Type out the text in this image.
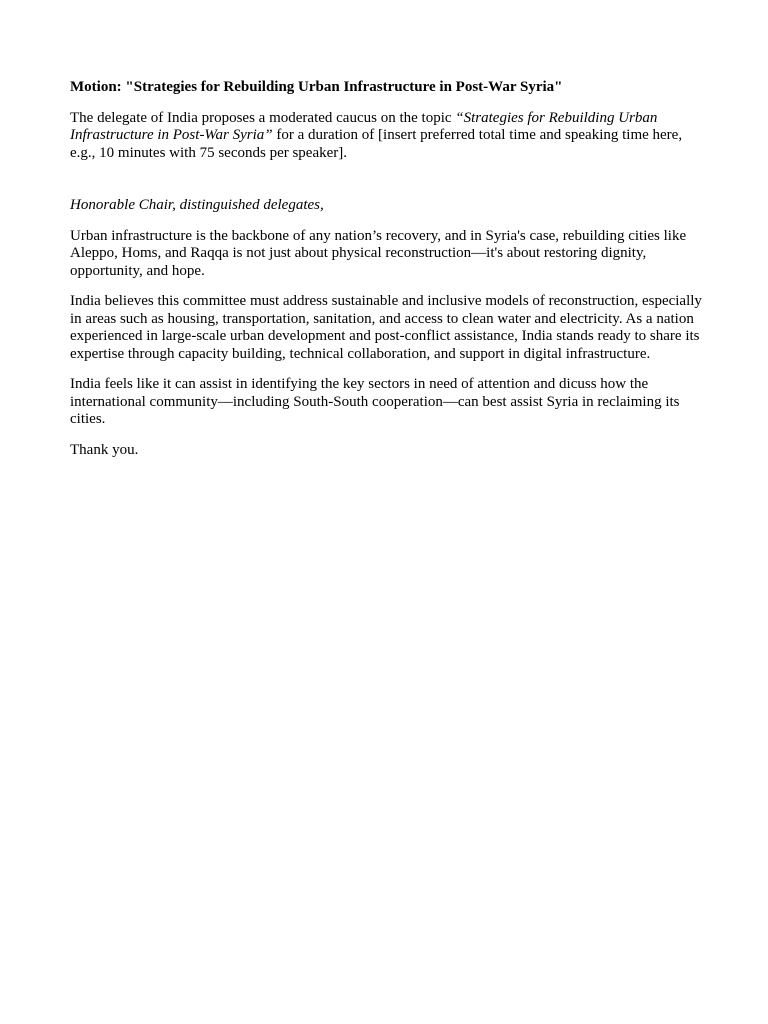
Motion: "Strategies for Rebuilding Urban Infrastructure in Post-War Syria"

The delegate of India proposes a moderated caucus on the topic “Strategies for Rebuilding Urban Infrastructure in Post-War Syria” for a duration of [insert preferred total time and speaking time here, e.g., 10 minutes with 75 seconds per speaker].

Honorable Chair, distinguished delegates,

Urban infrastructure is the backbone of any nation’s recovery, and in Syria's case, rebuilding cities like Aleppo, Homs, and Raqqa is not just about physical reconstruction—it's about restoring dignity, opportunity, and hope.

India believes this committee must address sustainable and inclusive models of reconstruction, especially in areas such as housing, transportation, sanitation, and access to clean water and electricity. As a nation experienced in large-scale urban development and post-conflict assistance, India stands ready to share its expertise through capacity building, technical collaboration, and support in digital infrastructure.

India feels like it can assist in identifying the key sectors in need of attention and dicuss how the international community—including South-South cooperation—can best assist Syria in reclaiming its cities.

Thank you.
